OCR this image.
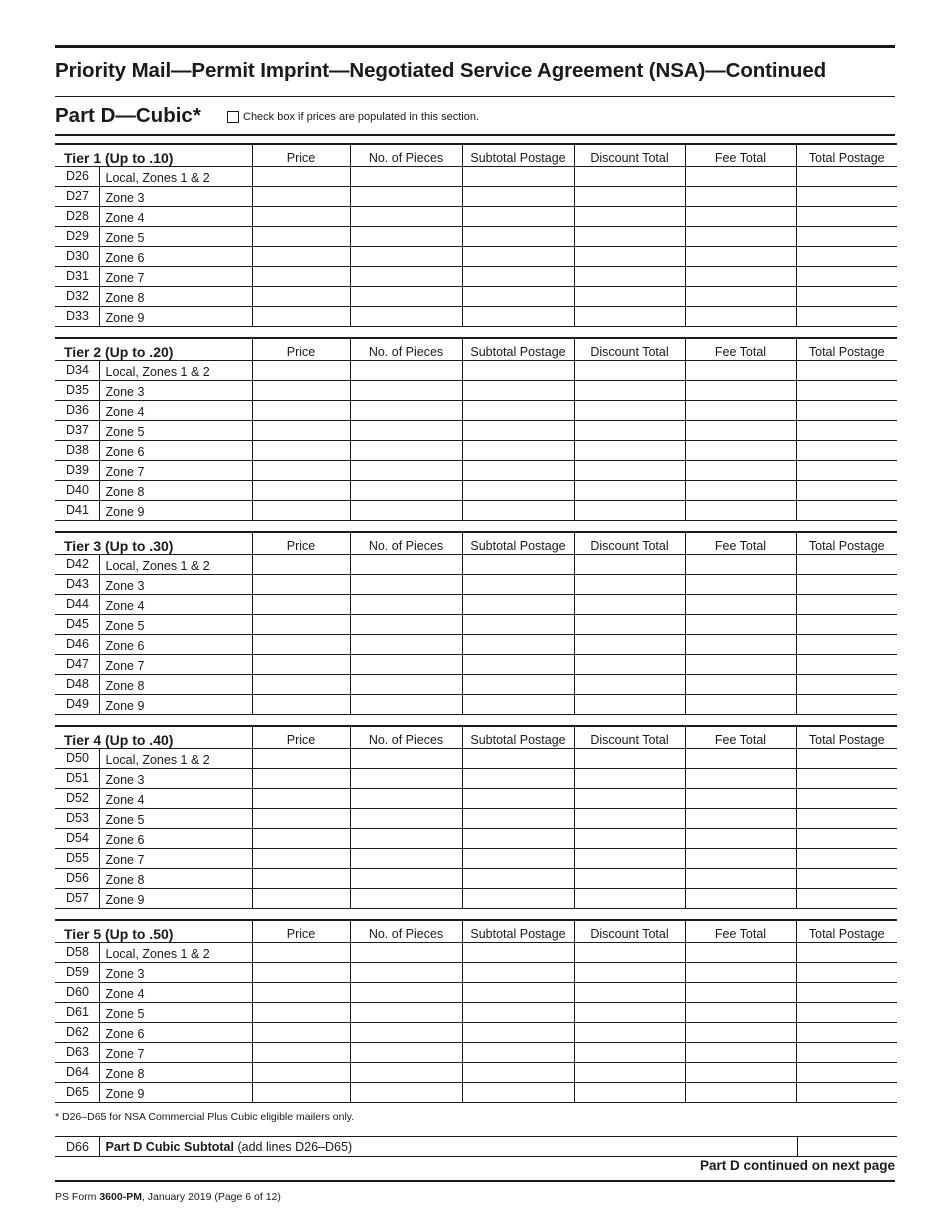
Priority Mail—Permit Imprint—Negotiated Service Agreement (NSA)—Continued
Part D—Cubic*	Check box if prices are populated in this section.
Tier 1 (Up to .10)		Price	No. of Pieces	Subtotal Postage	Discount Total	Fee Total	Total Postage
D26	Local, Zones 1 & 2						
D27	Zone 3						
D28	Zone 4						
D29	Zone 5						
D30	Zone 6						
D31	Zone 7						
D32	Zone 8						
D33	Zone 9						
Tier 2 (Up to .20)		Price	No. of Pieces	Subtotal Postage	Discount Total	Fee Total	Total Postage
D34	Local, Zones 1 & 2						
D35	Zone 3						
D36	Zone 4						
D37	Zone 5						
D38	Zone 6						
D39	Zone 7						
D40	Zone 8						
D41	Zone 9						
Tier 3 (Up to .30)		Price	No. of Pieces	Subtotal Postage	Discount Total	Fee Total	Total Postage
D42	Local, Zones 1 & 2						
D43	Zone 3						
D44	Zone 4						
D45	Zone 5						
D46	Zone 6						
D47	Zone 7						
D48	Zone 8						
D49	Zone 9						
Tier 4 (Up to .40)		Price	No. of Pieces	Subtotal Postage	Discount Total	Fee Total	Total Postage
D50	Local, Zones 1 & 2						
D51	Zone 3						
D52	Zone 4						
D53	Zone 5						
D54	Zone 6						
D55	Zone 7						
D56	Zone 8						
D57	Zone 9						
Tier 5 (Up to .50)		Price	No. of Pieces	Subtotal Postage	Discount Total	Fee Total	Total Postage
D58	Local, Zones 1 & 2						
D59	Zone 3						
D60	Zone 4						
D61	Zone 5						
D62	Zone 6						
D63	Zone 7						
D64	Zone 8						
D65	Zone 9						
* D26–D65 for NSA Commercial Plus Cubic eligible mailers only.
D66	Part D Cubic Subtotal (add lines D26–D65)	
Part D continued on next page
PS Form 3600-PM, January 2019 (Page 6 of 12)
